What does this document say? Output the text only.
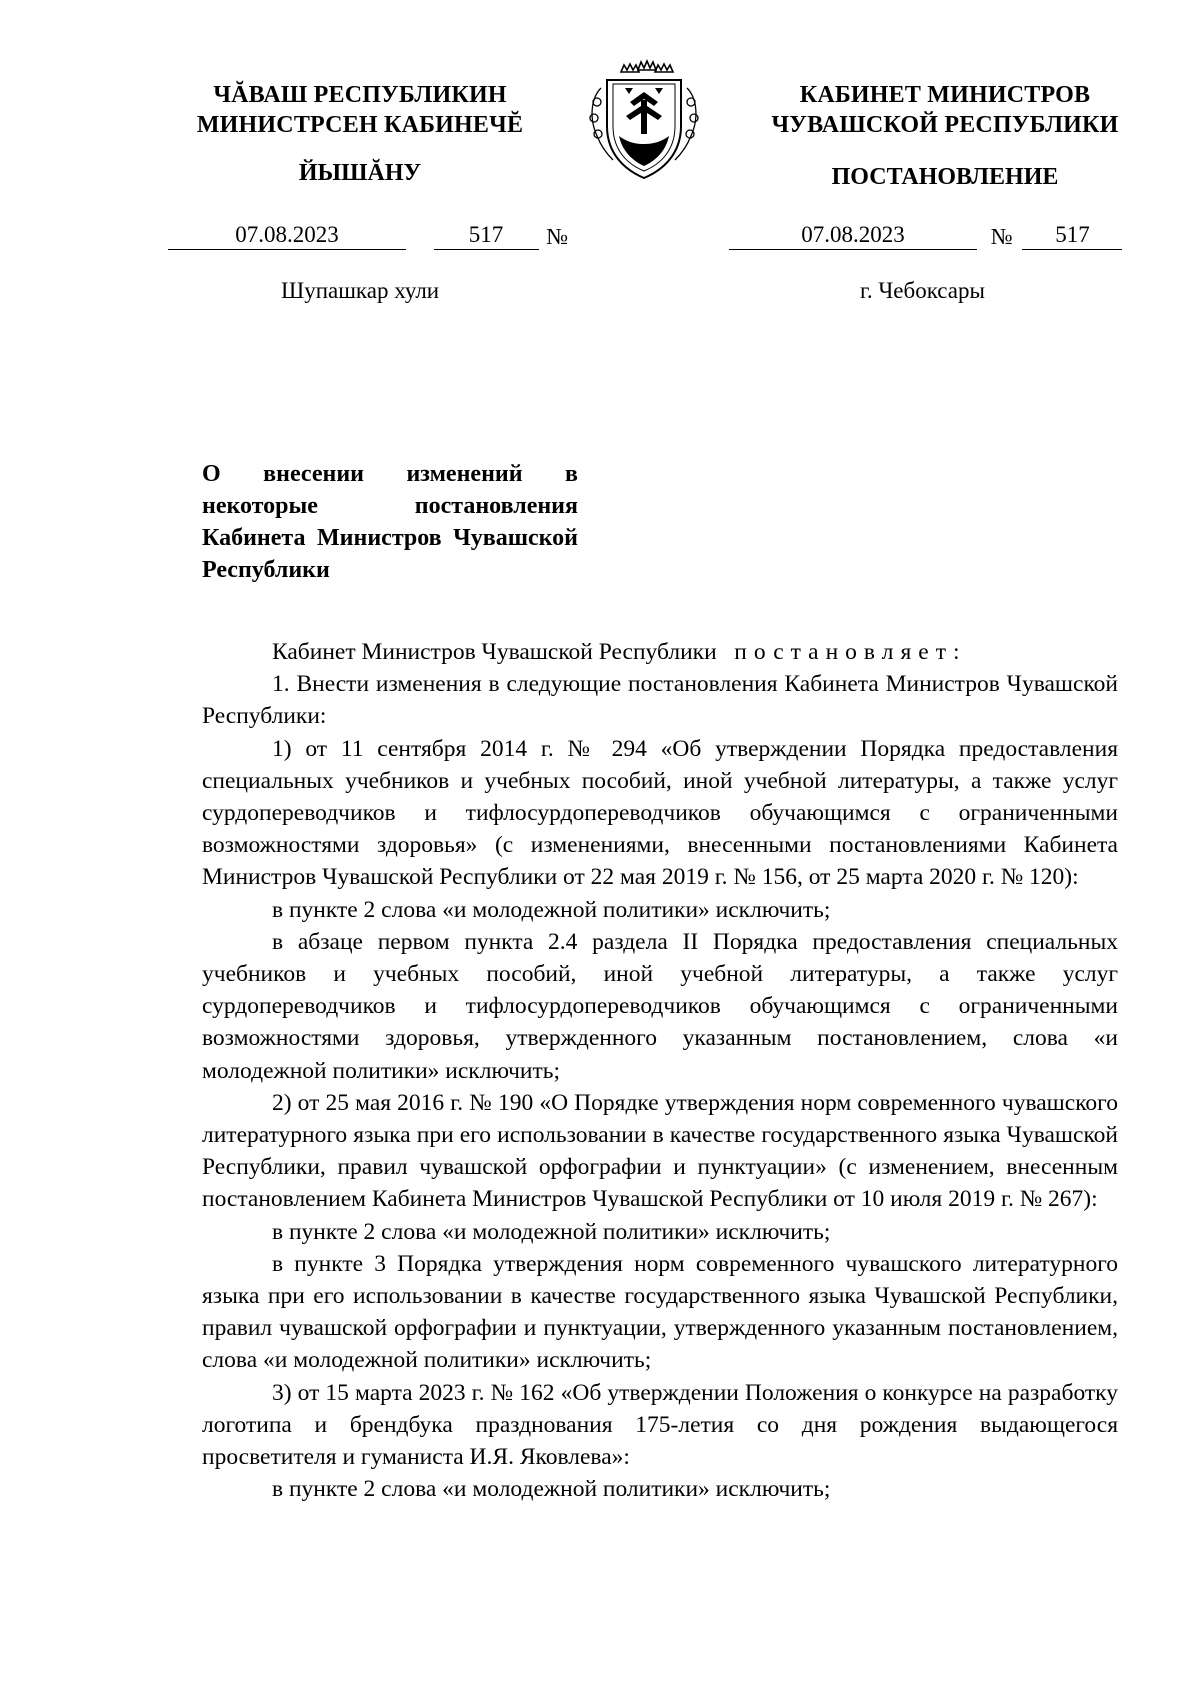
ЧĂВАШ РЕСПУБЛИКИН
МИНИСТРСЕН КАБИНЕЧĔ
ЙЫШĂНУ
КАБИНЕТ МИНИСТРОВ
ЧУВАШСКОЙ РЕСПУБЛИКИ
ПОСТАНОВЛЕНИЕ
07.08.2023	517 №	07.08.2023	№ 517
Шупашкар хули	г. Чебоксары
О внесении изменений в некоторые постановления Кабинета Министров Чувашской Республики

Кабинет Министров Чувашской Республики постановляет:

1. Внести изменения в следующие постановления Кабинета Министров Чувашской Республики:

1) от 11 сентября 2014 г. № 294 «Об утверждении Порядка предоставления специальных учебников и учебных пособий, иной учебной литературы, а также услуг сурдопереводчиков и тифлосурдопереводчиков обучающимся с ограниченными возможностями здоровья» (с изменениями, внесенными постановлениями Кабинета Министров Чувашской Республики от 22 мая 2019 г. № 156, от 25 марта 2020 г. № 120):

в пункте 2 слова «и молодежной политики» исключить;

в абзаце первом пункта 2.4 раздела II Порядка предоставления специальных учебников и учебных пособий, иной учебной литературы, а также услуг сурдопереводчиков и тифлосурдопереводчиков обучающимся с ограниченными возможностями здоровья, утвержденного указанным постановлением, слова «и молодежной политики» исключить;

2) от 25 мая 2016 г. № 190 «О Порядке утверждения норм современного чувашского литературного языка при его использовании в качестве государственного языка Чувашской Республики, правил чувашской орфографии и пунктуации» (с изменением, внесенным постановлением Кабинета Министров Чувашской Республики от 10 июля 2019 г. № 267):

в пункте 2 слова «и молодежной политики» исключить;

в пункте 3 Порядка утверждения норм современного чувашского литературного языка при его использовании в качестве государственного языка Чувашской Республики, правил чувашской орфографии и пунктуации, утвержденного указанным постановлением, слова «и молодежной политики» исключить;

3) от 15 марта 2023 г. № 162 «Об утверждении Положения о конкурсе на разработку логотипа и брендбука празднования 175-летия со дня рождения выдающегося просветителя и гуманиста И.Я. Яковлева»:

в пункте 2 слова «и молодежной политики» исключить;
